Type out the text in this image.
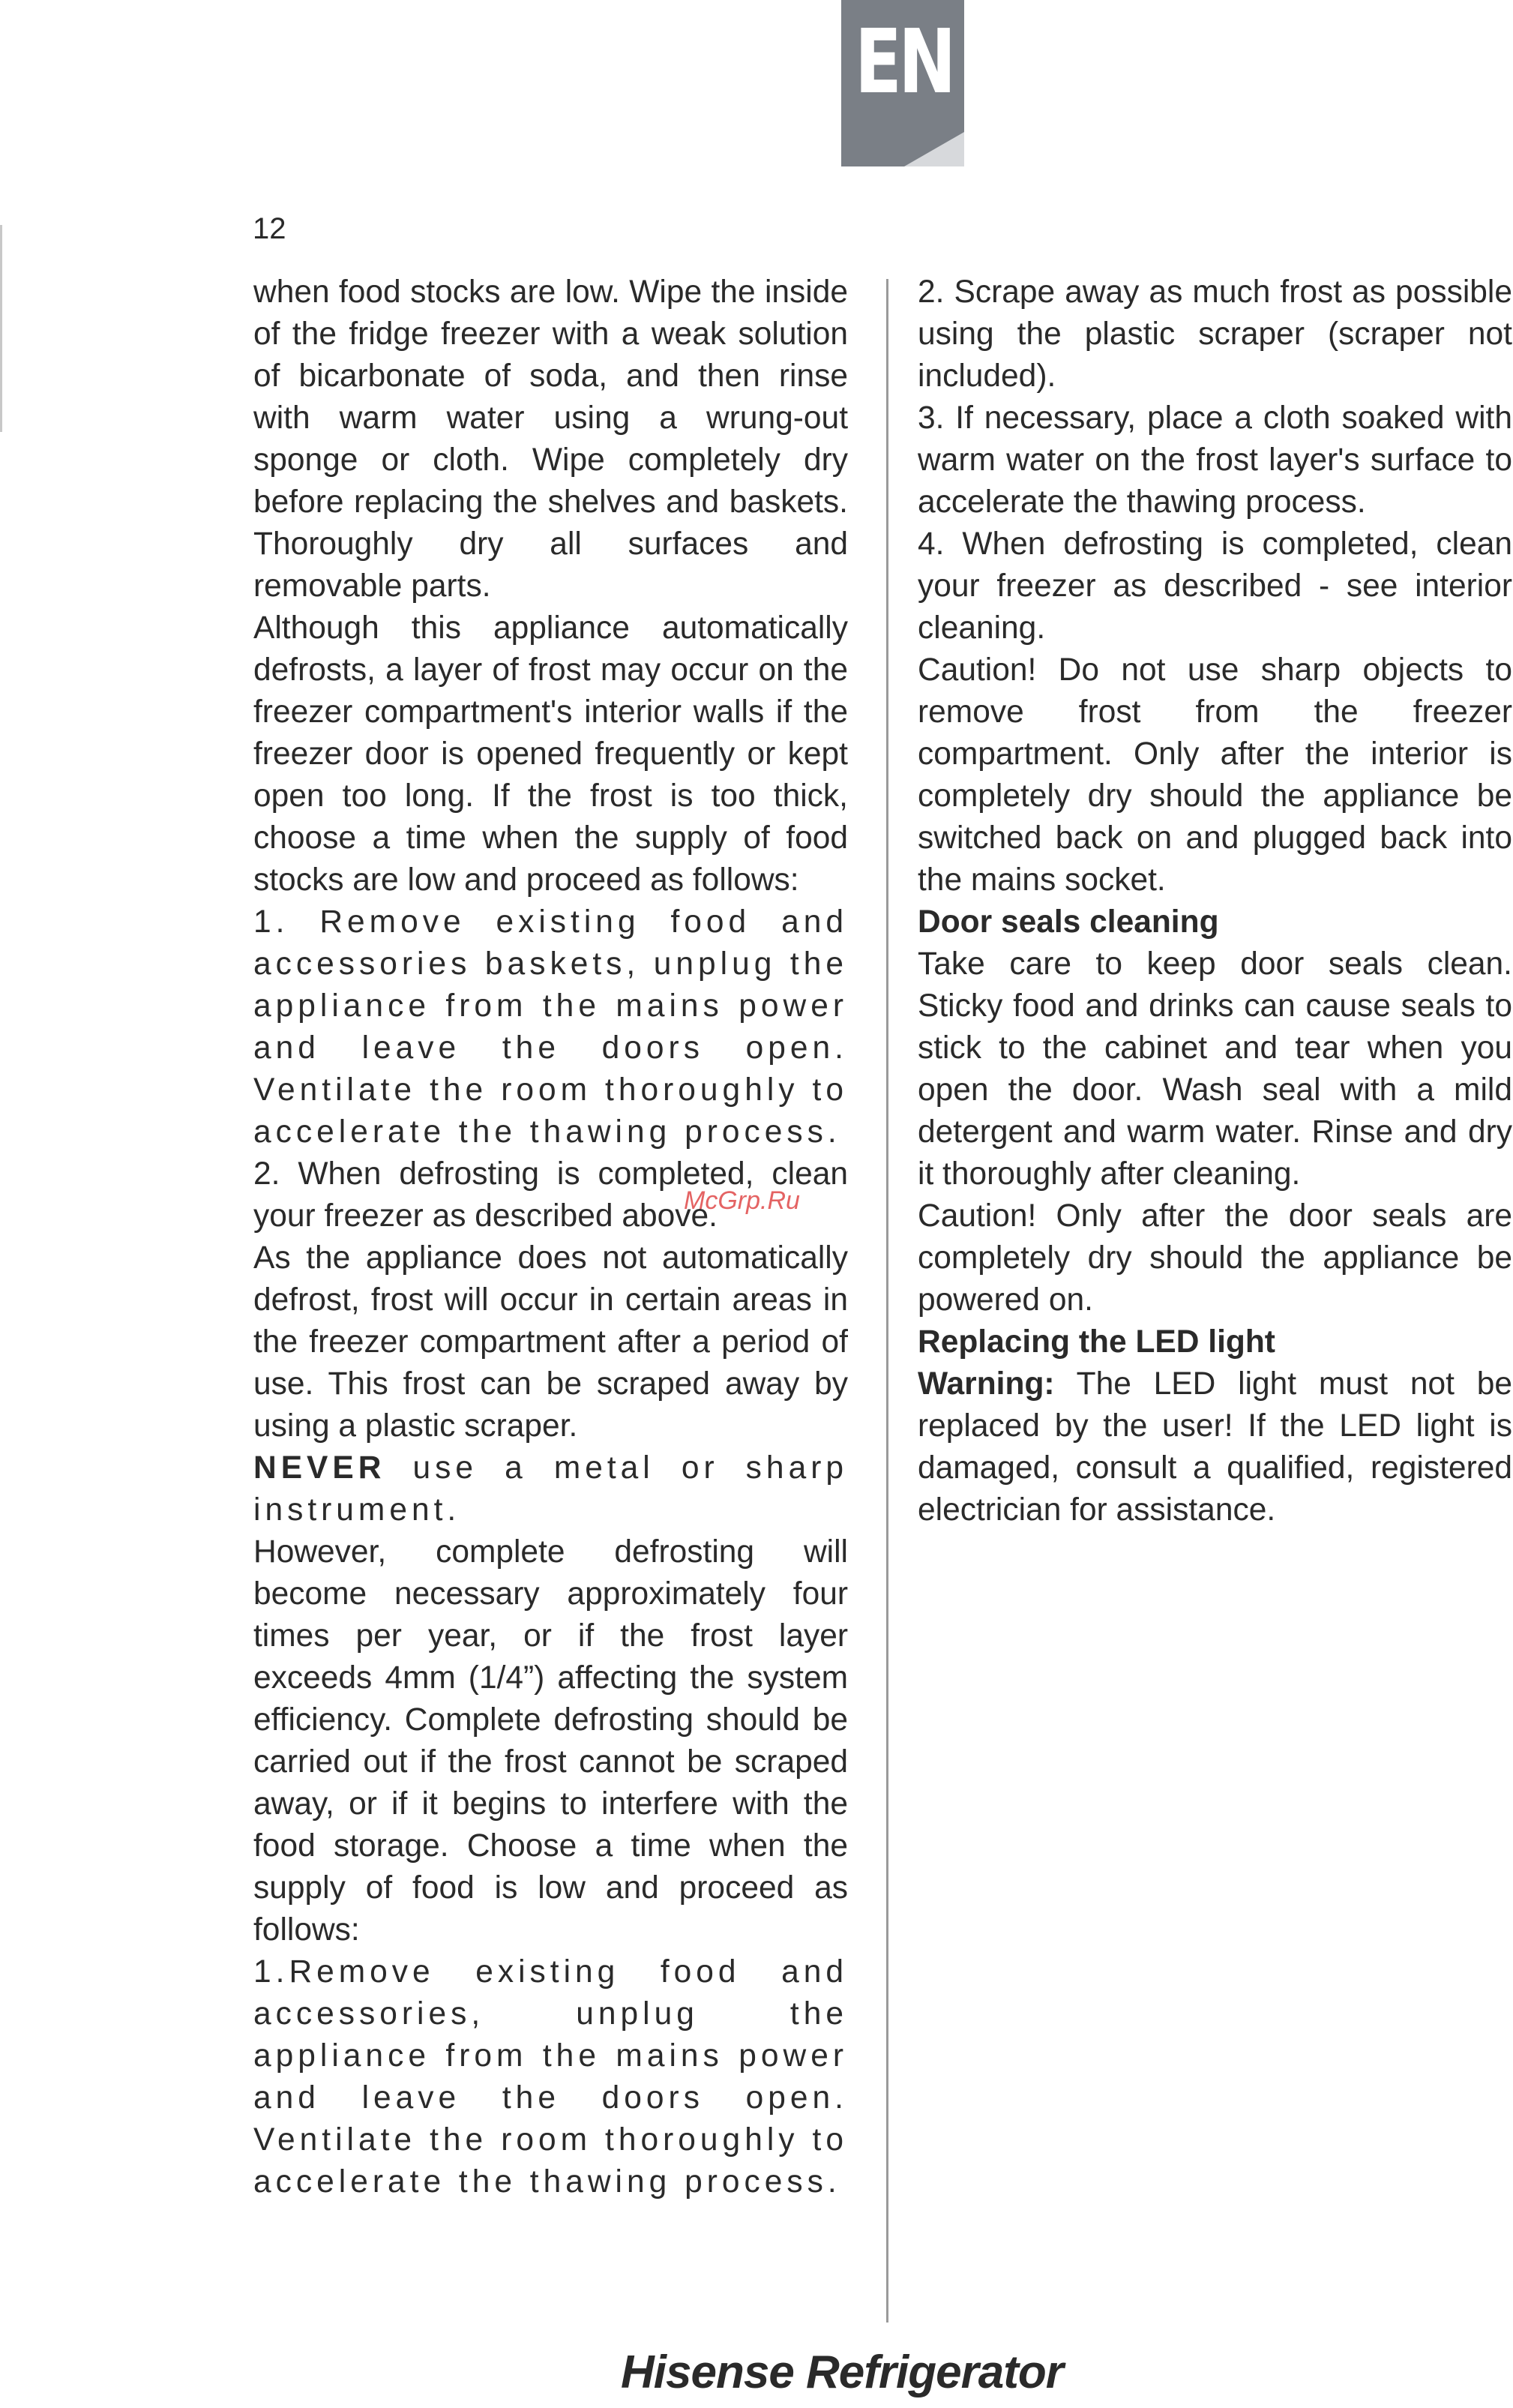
EN
12

when food stocks are low. Wipe the inside of the fridge freezer with a weak solution of bicarbonate of soda, and then rinse with warm water using a wrung-out sponge or cloth. Wipe completely dry before replacing the shelves and baskets. Thoroughly dry all surfaces and removable parts.

Although this appliance automatically defrosts, a layer of frost may occur on the freezer compartment's interior walls if the freezer door is opened frequently or kept open too long. If the frost is too thick, choose a time when the supply of food stocks are low and proceed as follows:

1. Remove existing food and accessories baskets, unplug the appliance from the mains power and leave the doors open. Ventilate the room thoroughly to accelerate the thawing process.

2. When defrosting is completed, clean your freezer as described above.

As the appliance does not automatically defrost, frost will occur in certain areas in the freezer compartment after a period of use. This frost can be scraped away by using a plastic scraper.

NEVER use a metal or sharp instrument.

However, complete defrosting will become necessary approximately four times per year, or if the frost layer exceeds 4mm (1/4”) affecting the system efficiency. Complete defrosting should be carried out if the frost cannot be scraped away, or if it begins to interfere with the food storage. Choose a time when the supply of food is low and proceed as follows:

1.Remove existing food and accessories, unplug the appliance from the mains power and leave the doors open. Ventilate the room thoroughly to accelerate the thawing process.

2. Scrape away as much frost as possible using the plastic scraper (scraper not included).

3. If necessary, place a cloth soaked with warm water on the frost layer's surface to accelerate the thawing process.

4. When defrosting is completed, clean your freezer as described - see interior cleaning.

Caution! Do not use sharp objects to remove frost from the freezer compartment. Only after the interior is completely dry should the appliance be switched back on and plugged back into the mains socket.

Door seals cleaning

Take care to keep door seals clean. Sticky food and drinks can cause seals to stick to the cabinet and tear when you open the door. Wash seal with a mild detergent and warm water. Rinse and dry it thoroughly after cleaning.

Caution! Only after the door seals are completely dry should the appliance be powered on.

Replacing the LED light

Warning: The LED light must not be replaced by the user! If the LED light is damaged, consult a qualified, registered electrician for assistance.

McGrp.Ru
Hisense Refrigerator
